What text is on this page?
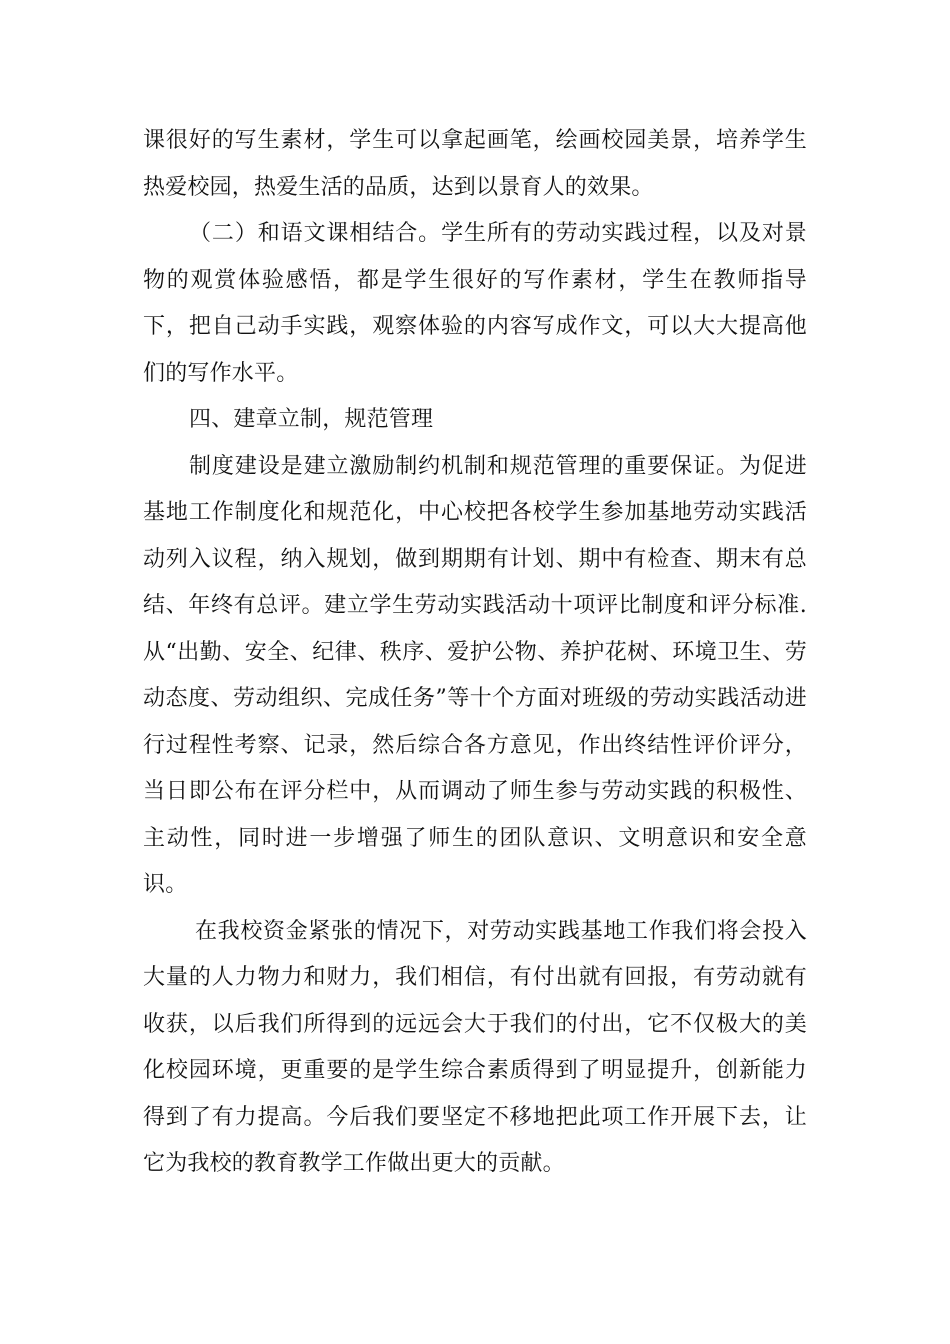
课很好的写生素材，学生可以拿起画笔，绘画校园美景，培养学生热爱校园，热爱生活的品质，达到以景育人的效果。

（二）和语文课相结合。学生所有的劳动实践过程，以及对景物的观赏体验感悟，都是学生很好的写作素材，学生在教师指导下，把自己动手实践，观察体验的内容写成作文，可以大大提高他们的写作水平。

四、建章立制，规范管理

制度建设是建立激励制约机制和规范管理的重要保证。为促进基地工作制度化和规范化，中心校把各校学生参加基地劳动实践活动列入议程，纳入规划，做到期期有计划、期中有检查、期末有总结、年终有总评。建立学生劳动实践活动十项评比制度和评分标准. 从“出勤、安全、纪律、秩序、爱护公物、养护花树、环境卫生、劳动态度、劳动组织、完成任务”等十个方面对班级的劳动实践活动进行过程性考察、记录，然后综合各方意见，作出终结性评价评分，当日即公布在评分栏中，从而调动了师生参与劳动实践的积极性、主动性，同时进一步增强了师生的团队意识、文明意识和安全意识。

在我校资金紧张的情况下，对劳动实践基地工作我们将会投入大量的人力物力和财力，我们相信，有付出就有回报，有劳动就有收获，以后我们所得到的远远会大于我们的付出，它不仅极大的美化校园环境，更重要的是学生综合素质得到了明显提升，创新能力得到了有力提高。今后我们要坚定不移地把此项工作开展下去，让它为我校的教育教学工作做出更大的贡献。
